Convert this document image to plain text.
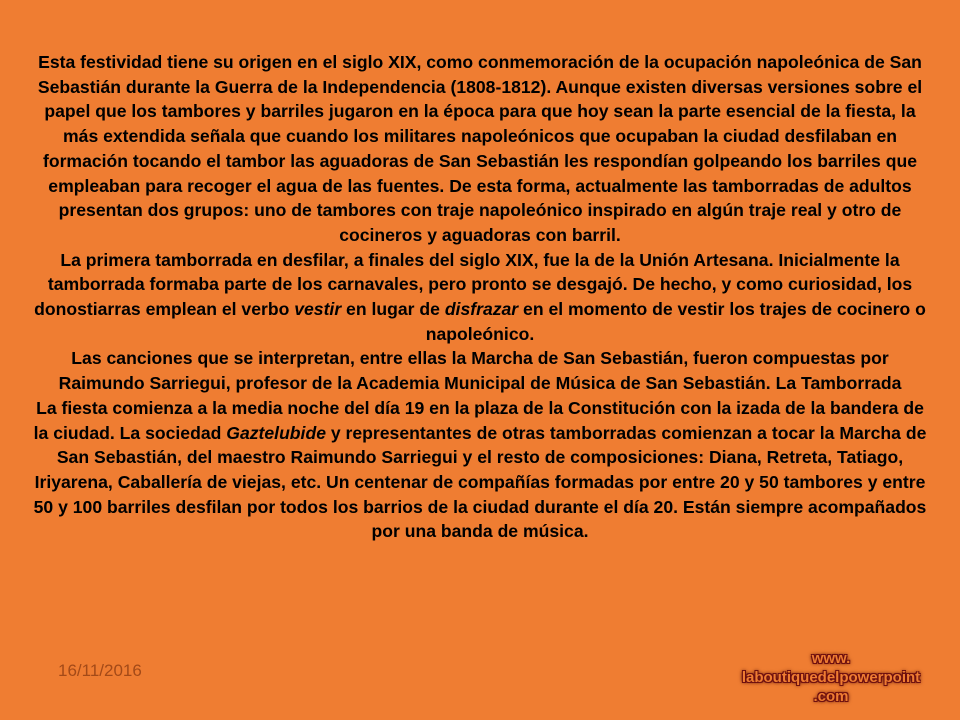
Esta festividad tiene su origen en el siglo XIX, como conmemoración de la ocupación napoleónica de San Sebastián durante la Guerra de la Independencia (1808-1812). Aunque existen diversas versiones sobre el papel que los tambores y barriles jugaron en la época para que hoy sean la parte esencial de la fiesta, la más extendida señala que cuando los militares napoleónicos que ocupaban la ciudad desfilaban en formación tocando el tambor las aguadoras de San Sebastián les respondían golpeando los barriles que empleaban para recoger el agua de las fuentes. De esta forma, actualmente las tamborradas de adultos presentan dos grupos: uno de tambores con traje napoleónico inspirado en algún traje real y otro de cocineros y aguadoras con barril.

La primera tamborrada en desfilar, a finales del siglo XIX, fue la de la Unión Artesana. Inicialmente la tamborrada formaba parte de los carnavales, pero pronto se desgajó. De hecho, y como curiosidad, los donostiarras emplean el verbo vestir en lugar de disfrazar en el momento de vestir los trajes de cocinero o napoleónico.

Las canciones que se interpretan, entre ellas la Marcha de San Sebastián, fueron compuestas por Raimundo Sarriegui, profesor de la Academia Municipal de Música de San Sebastián. La Tamborrada

La fiesta comienza a la media noche del día 19 en la plaza de la Constitución con la izada de la bandera de la ciudad. La sociedad Gaztelubide y representantes de otras tamborradas comienzan a tocar la Marcha de San Sebastián, del maestro Raimundo Sarriegui y el resto de composiciones: Diana, Retreta, Tatiago, Iriyarena, Caballería de viejas, etc. Un centenar de compañías formadas por entre 20 y 50 tambores y entre 50 y 100 barriles desfilan por todos los barrios de la ciudad durante el día 20. Están siempre acompañados por una banda de música.

16/11/2016
www.
laboutiquedelpowerpoint
.com
